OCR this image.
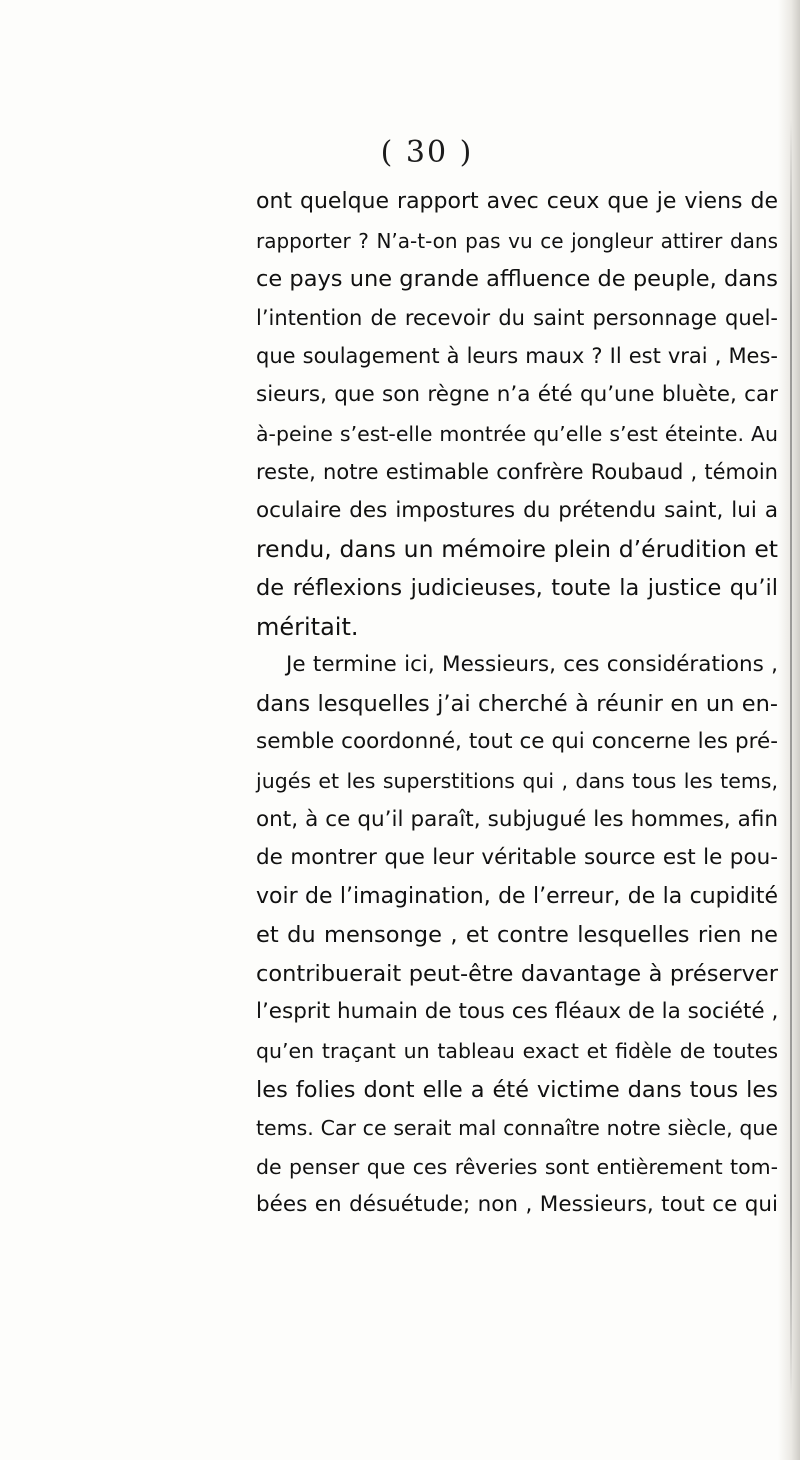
( 30 )
ont quelque rapport avec ceux que je viens de
rapporter ? N’a-t-on pas vu ce jongleur attirer dans
ce pays une grande affluence de peuple, dans
l’intention de recevoir du saint personnage quel-
que soulagement à leurs maux ? Il est vrai , Mes-
sieurs, que son règne n’a été qu’une bluète, car
à-peine s’est-elle montrée qu’elle s’est éteinte. Au
reste, notre estimable confrère Roubaud , témoin
oculaire des impostures du prétendu saint, lui a
rendu, dans un mémoire plein d’érudition et
de réflexions judicieuses, toute la justice qu’il
méritait.
Je termine ici, Messieurs, ces considérations ,
dans lesquelles j’ai cherché à réunir en un en-
semble coordonné, tout ce qui concerne les pré-
jugés et les superstitions qui , dans tous les tems,
ont, à ce qu’il paraît, subjugué les hommes, afin
de montrer que leur véritable source est le pou-
voir de l’imagination, de l’erreur, de la cupidité
et du mensonge , et contre lesquelles rien ne
contribuerait peut-être davantage à préserver
l’esprit humain de tous ces fléaux de la société ,
qu’en traçant un tableau exact et fidèle de toutes
les folies dont elle a été victime dans tous les
tems. Car ce serait mal connaître notre siècle, que
de penser que ces rêveries sont entièrement tom-
bées en désuétude; non , Messieurs, tout ce qui
